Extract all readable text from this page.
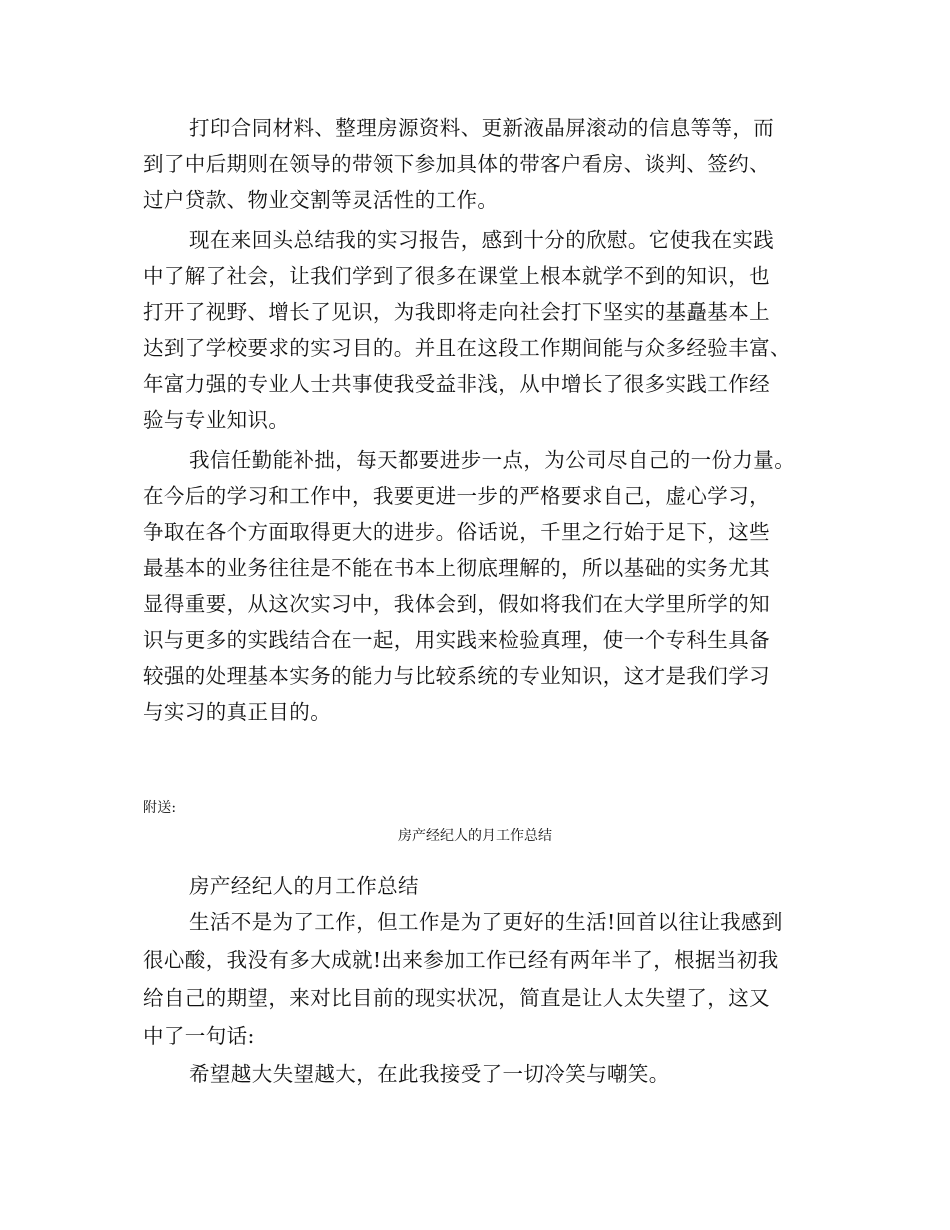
打印合同材料、整理房源资料、更新液晶屏滚动的信息等等，而
到了中后期则在领导的带领下参加具体的带客户看房、谈判、签约、
过户贷款、物业交割等灵活性的工作。
现在来回头总结我的实习报告，感到十分的欣慰。它使我在实践
中了解了社会，让我们学到了很多在课堂上根本就学不到的知识，也
打开了视野、增长了见识，为我即将走向社会打下坚实的基矗基本上
达到了学校要求的实习目的。并且在这段工作期间能与众多经验丰富、
年富力强的专业人士共事使我受益非浅，从中增长了很多实践工作经
验与专业知识。
我信任勤能补拙，每天都要进步一点，为公司尽自己的一份力量。
在今后的学习和工作中，我要更进一步的严格要求自己，虚心学习，
争取在各个方面取得更大的进步。俗话说，千里之行始于足下，这些
最基本的业务往往是不能在书本上彻底理解的，所以基础的实务尤其
显得重要，从这次实习中，我体会到，假如将我们在大学里所学的知
识与更多的实践结合在一起，用实践来检验真理，使一个专科生具备
较强的处理基本实务的能力与比较系统的专业知识，这才是我们学习
与实习的真正目的。
附送:
房产经纪人的月工作总结
房产经纪人的月工作总结
生活不是为了工作，但工作是为了更好的生活!回首以往让我感到
很心酸，我没有多大成就!出来参加工作已经有两年半了，根据当初我
给自己的期望，来对比目前的现实状况，简直是让人太失望了，这又
中了一句话:
希望越大失望越大，在此我接受了一切冷笑与嘲笑。
